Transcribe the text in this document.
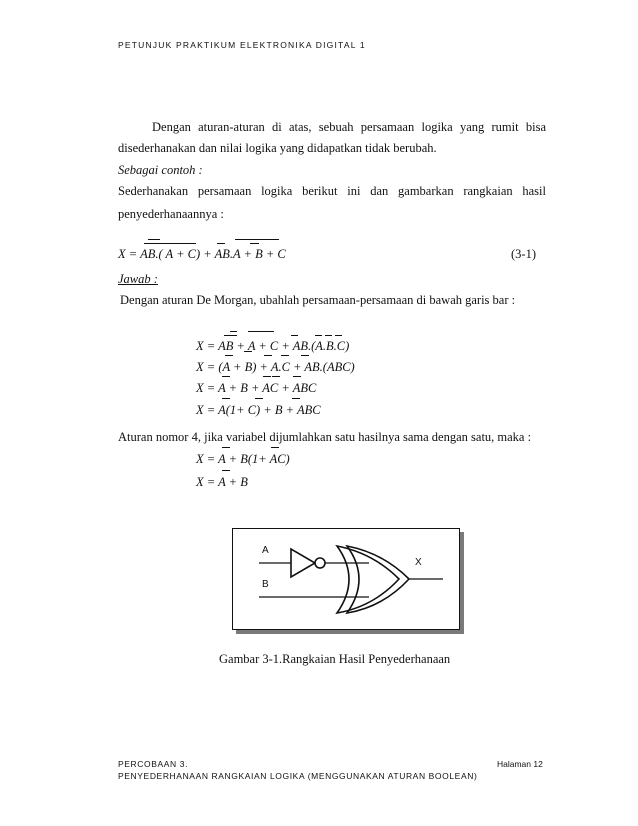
PETUNJUK PRAKTIKUM ELEKTRONIKA DIGITAL 1
Dengan aturan-aturan di atas, sebuah persamaan logika yang rumit bisa
disederhanakan dan nilai logika yang didapatkan tidak berubah.
Sebagai contoh :
Sederhanakan persamaan logika berikut ini dan gambarkan rangkaian hasil
penyederhanaannya :
X = AB.( A + C) + AB.A + B + C	(3-1)
Jawab :
Dengan aturan De Morgan, ubahlah persamaan-persamaan di bawah garis bar :
X = AB + A + C + AB.(A.B.C)
X = (A + B) + A.C + AB.(ABC)
X = A + B + AC + ABC
X = A(1+ C) + B + ABC
Aturan nomor 4, jika variabel dijumlahkan satu hasilnya sama dengan satu, maka :
X = A + B(1+ AC)
X = A + B
A
B
X
Gambar 3-1.Rangkaian Hasil Penyederhanaan
PERCOBAAN 3.	Halaman 12
PENYEDERHANAAN RANGKAIAN LOGIKA (MENGGUNAKAN ATURAN BOOLEAN)
